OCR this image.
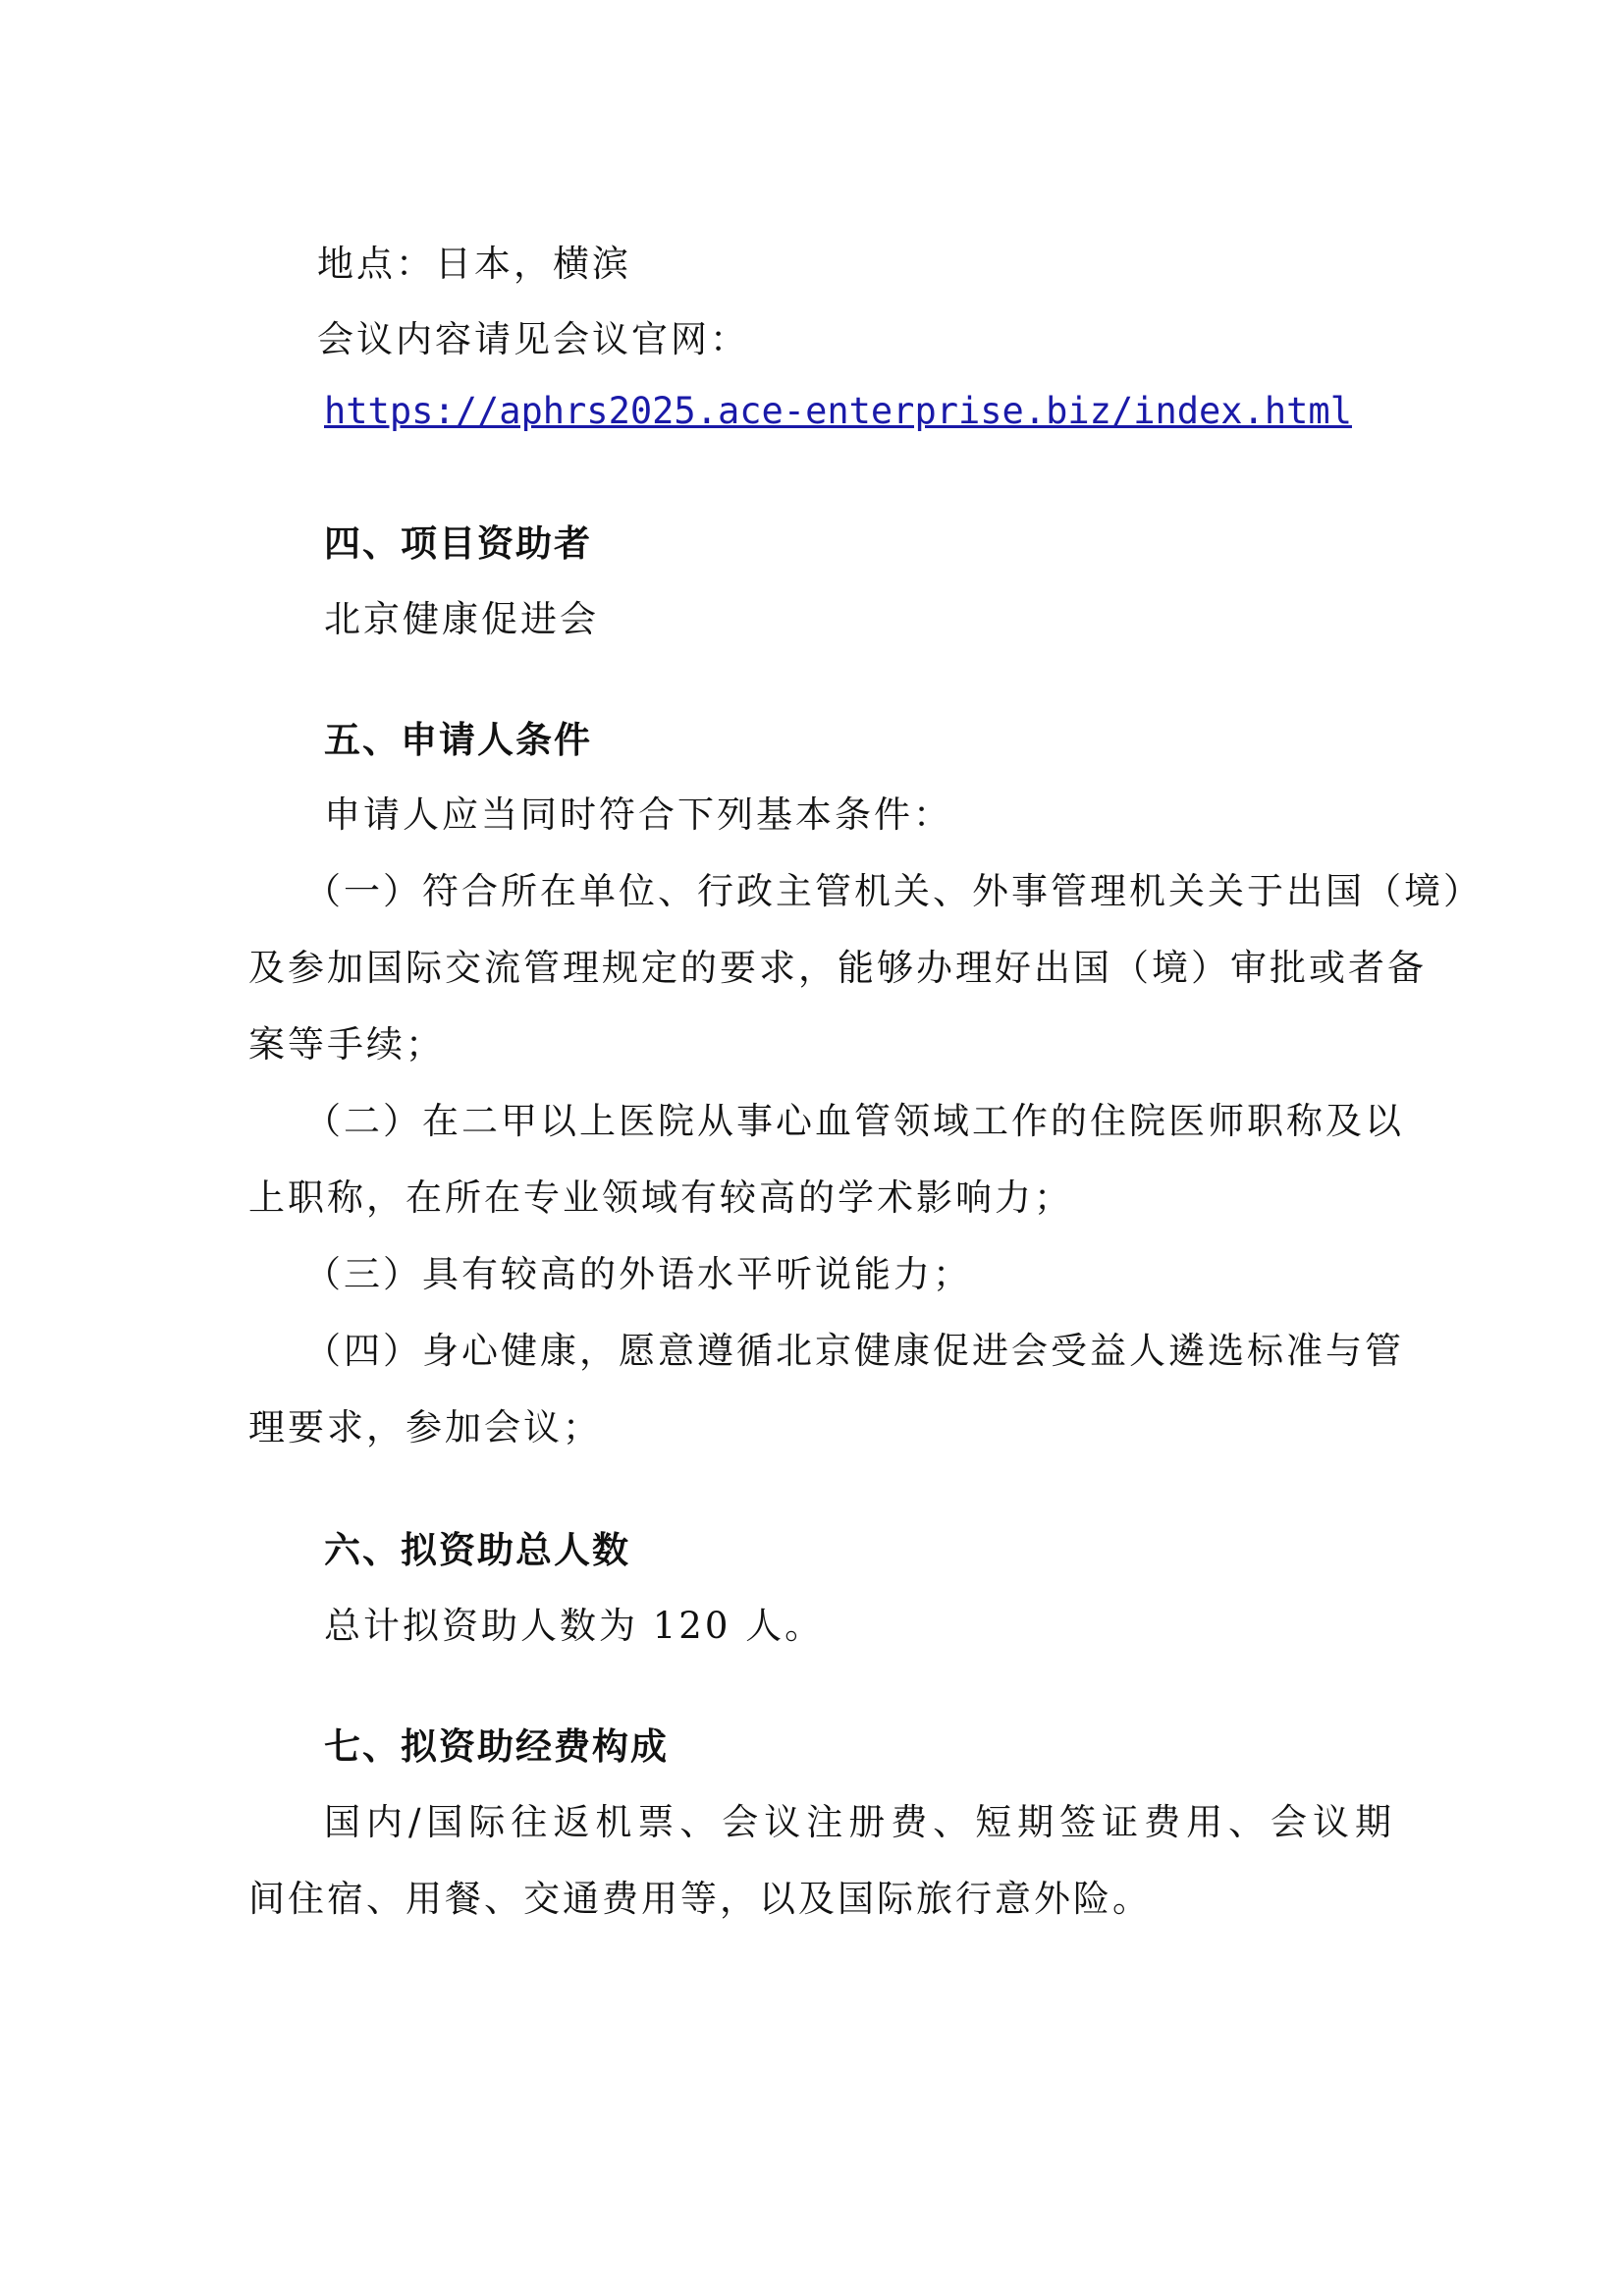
地点：日本，横滨
会议内容请见会议官网：
https://aphrs2025.ace-enterprise.biz/index.html
四、项目资助者
北京健康促进会
五、申请人条件
申请人应当同时符合下列基本条件：
（一）符合所在单位、行政主管机关、外事管理机关关于出国（境）
及参加国际交流管理规定的要求，能够办理好出国（境）审批或者备
案等手续；
（二）在二甲以上医院从事心血管领域工作的住院医师职称及以
上职称，在所在专业领域有较高的学术影响力；
（三）具有较高的外语水平听说能力；
（四）身心健康，愿意遵循北京健康促进会受益人遴选标准与管
理要求，参加会议；
六、拟资助总人数
总计拟资助人数为 120 人。
七、拟资助经费构成
国内/国际往返机票、会议注册费、短期签证费用、会议期
间住宿、用餐、交通费用等，以及国际旅行意外险。
